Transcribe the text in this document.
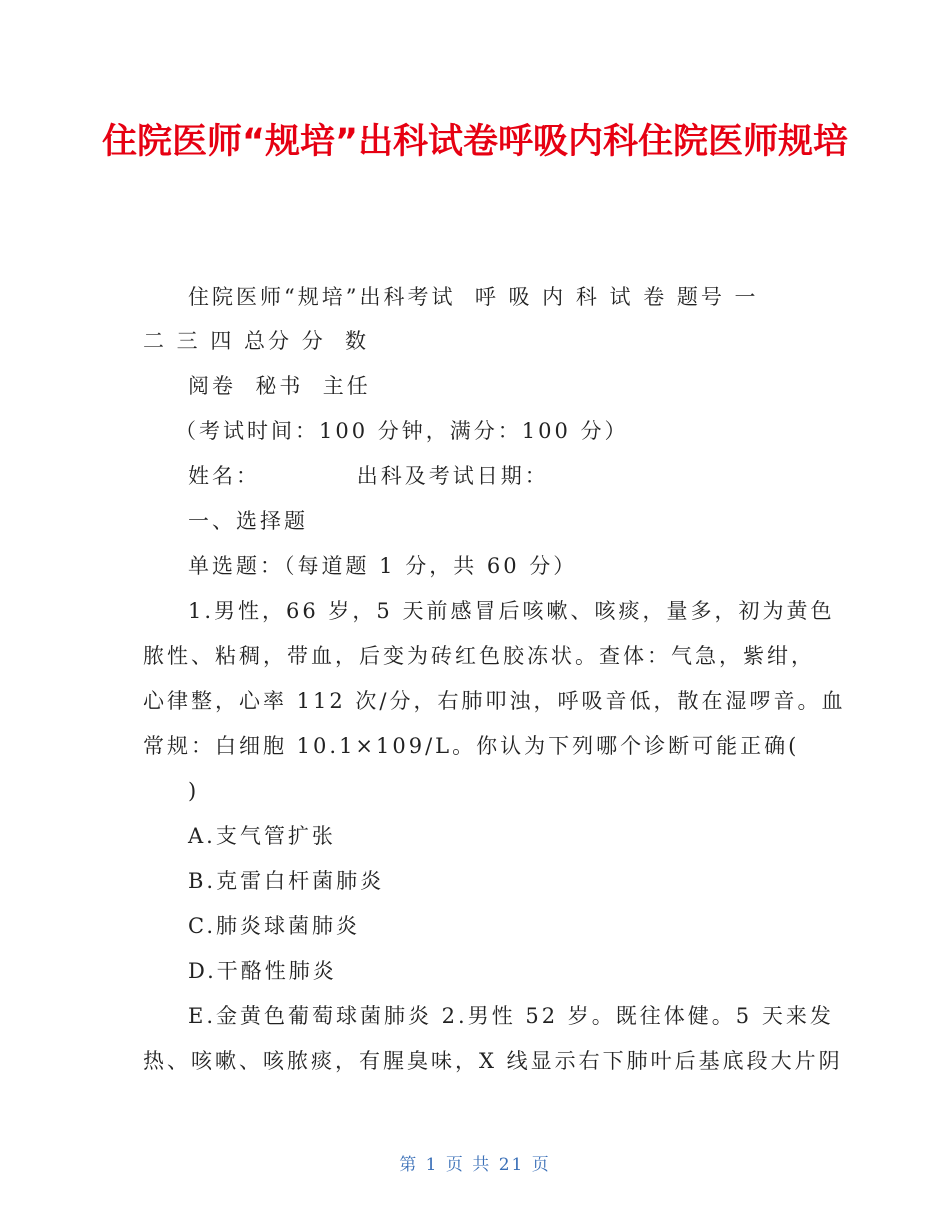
住院医师“规培”出科试卷呼吸内科住院医师规培
住院医师“规培”出科考试  呼 吸 内 科 试 卷 题号 一
二 三 四 总分 分  数
阅卷  秘书  主任
（考试时间：100 分钟，满分：100 分）
姓名：          出科及考试日期：
一、选择题
单选题：（每道题 1 分，共 60 分）
1.男性，66 岁，5 天前感冒后咳嗽、咳痰，量多，初为黄色
脓性、粘稠，带血，后变为砖红色胶冻状。查体：气急，紫绀，
心律整，心率 112 次/分，右肺叩浊，呼吸音低，散在湿啰音。血
常规：白细胞 10.1×109/L。你认为下列哪个诊断可能正确(
)
A.支气管扩张
B.克雷白杆菌肺炎
C.肺炎球菌肺炎
D.干酪性肺炎
E.金黄色葡萄球菌肺炎 2.男性 52 岁。既往体健。5 天来发
热、咳嗽、咳脓痰，有腥臭味，X 线显示右下肺叶后基底段大片阴
第 1 页 共 21 页
